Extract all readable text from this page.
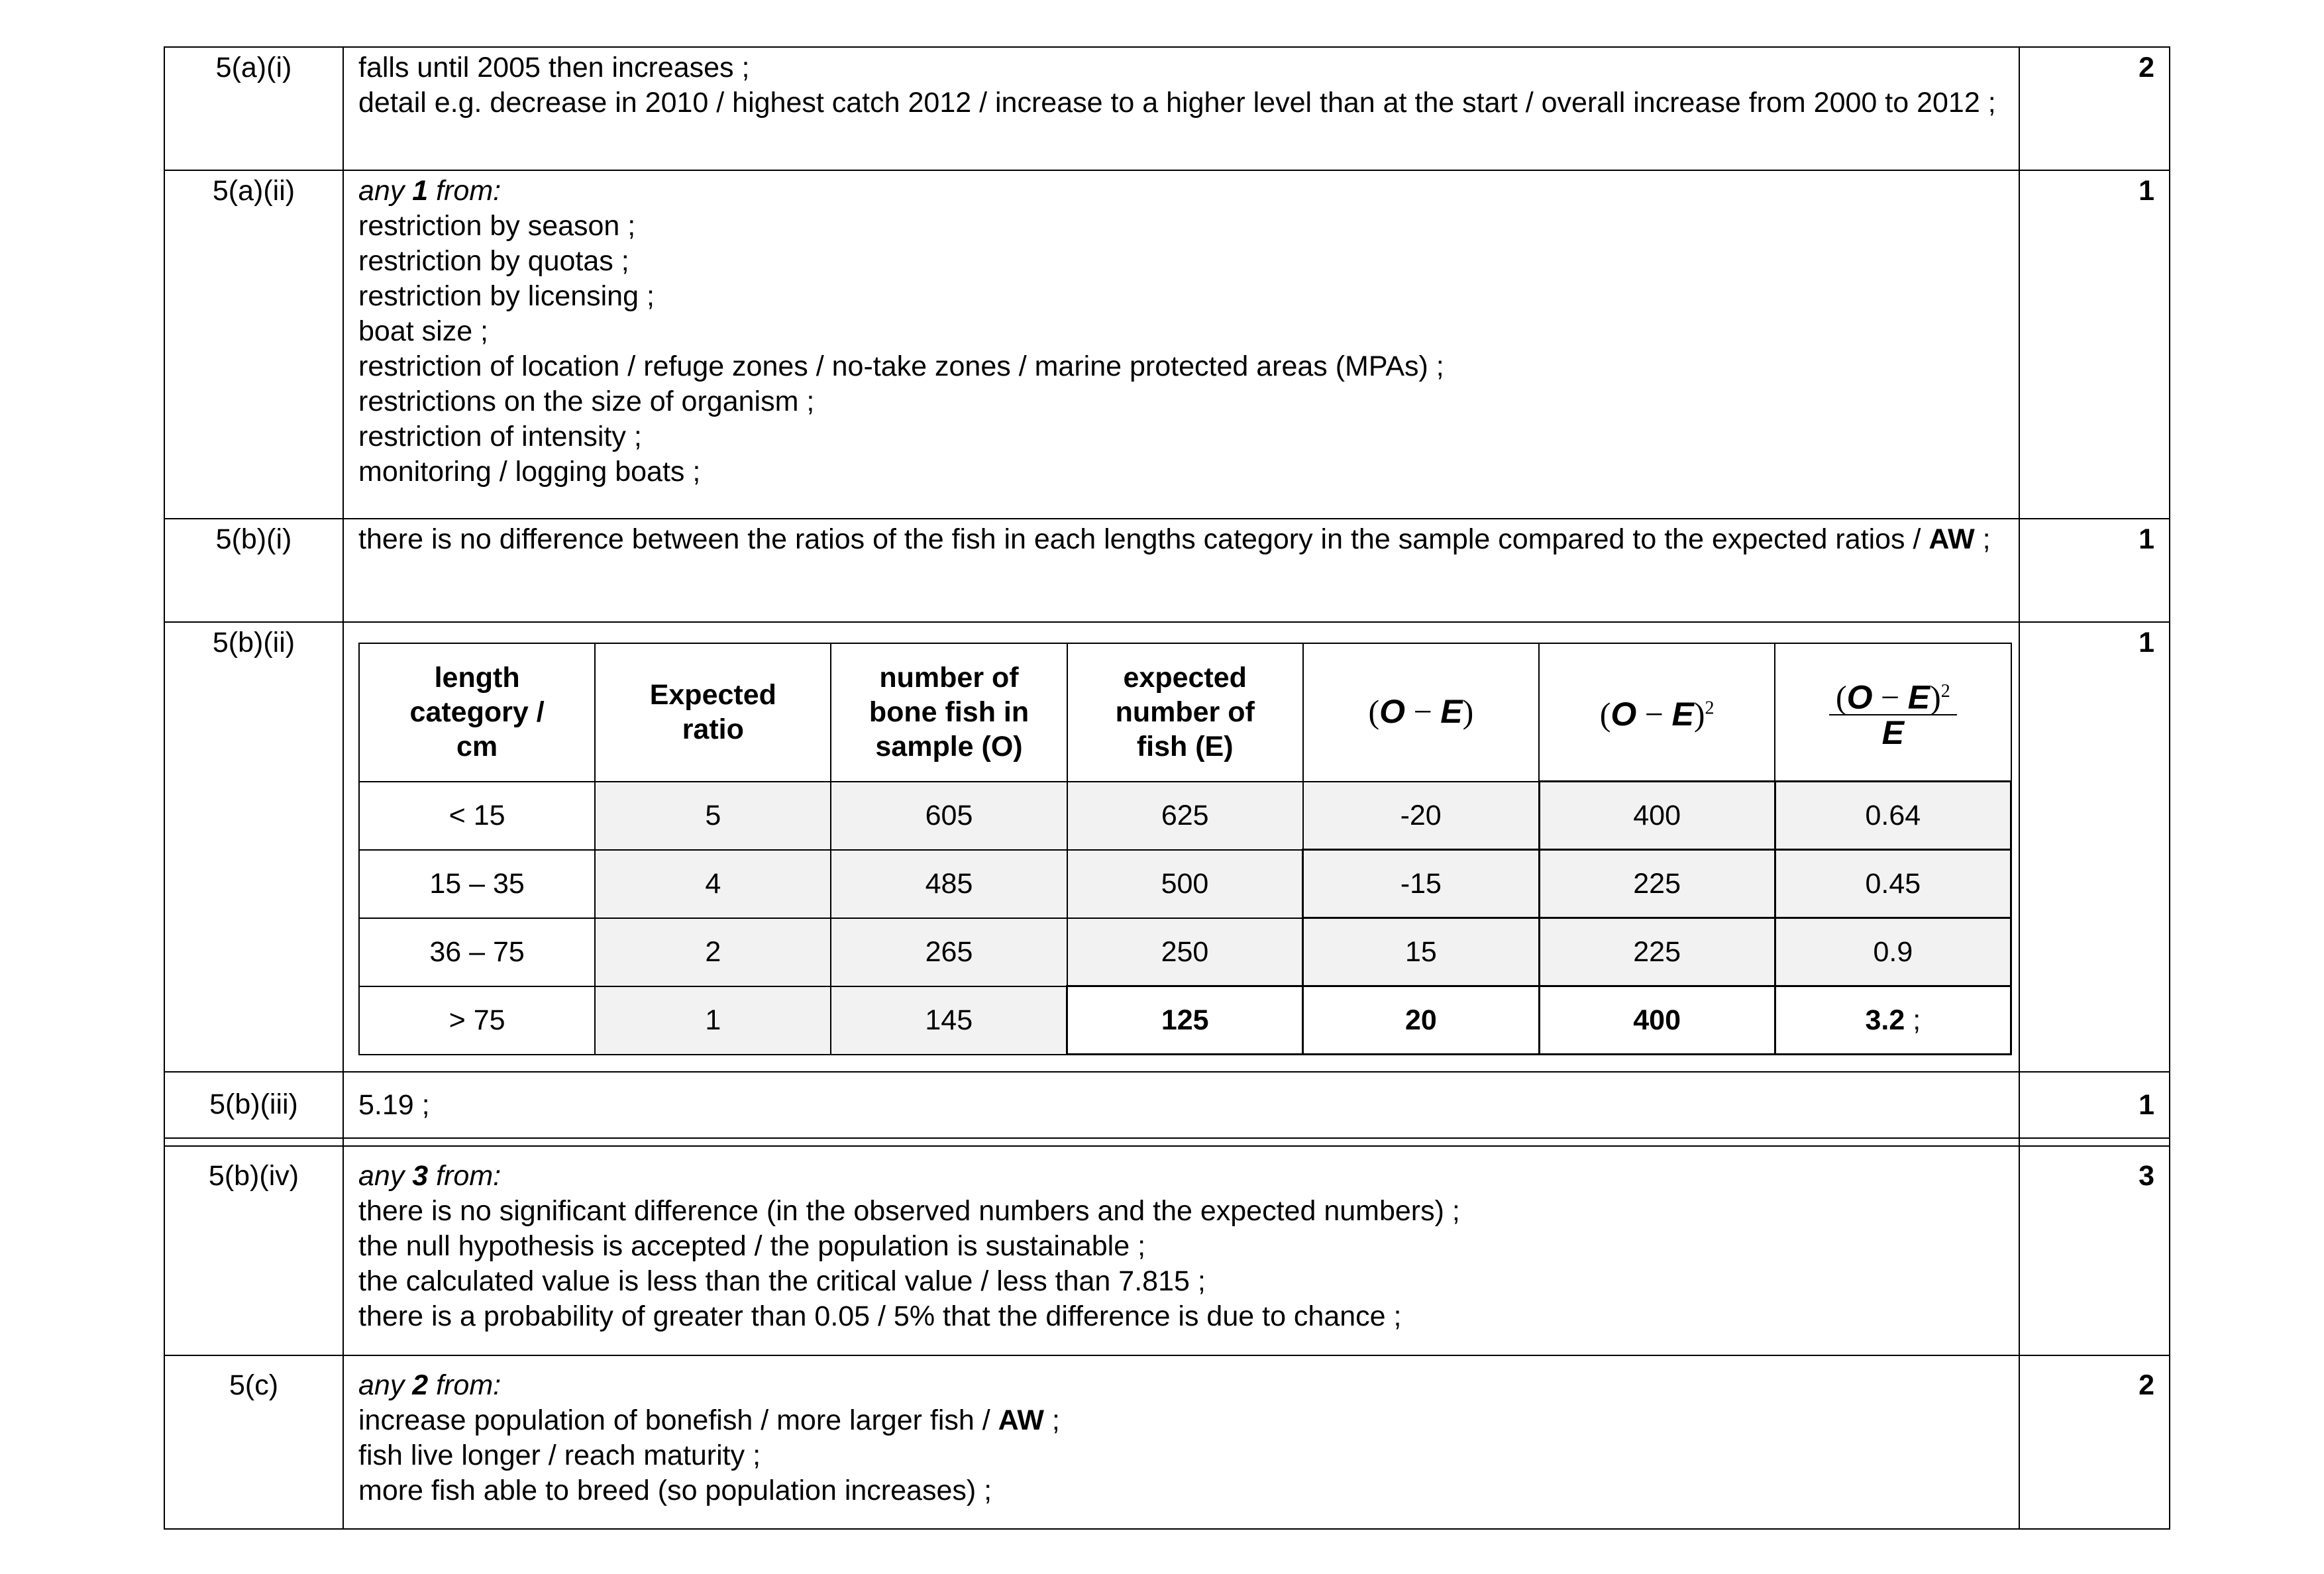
5(a)(i)	falls until 2005 then increases ;
detail e.g. decrease in 2010 / highest catch 2012 / increase to a higher level than at the start / overall increase from 2000 to 2012 ;
	2
5(a)(ii)	any 1 from:
restriction by season ;
restriction by quotas ;
restriction by licensing ;
boat size ;
restriction of location / refuge zones / no-take zones / marine protected areas (MPAs) ;
restrictions on the size of organism ;
restriction of intensity ;
monitoring / logging boats ;
	1
5(b)(i)	there is no difference between the ratios of the fish in each lengths category in the sample compared to the expected ratios / AW ;	1
5(b)(ii)	
length category / cm	Expected ratio	number of bone fish in sample (O)	expected number of fish (E)	(O − E)	$(O - E)^2$	$\frac{(O - E)^2}{E}$

< 15	5	605	625	-20	400	0.64
15 – 35	4	485	500	-15	225	0.45
36 – 75	2	265	250	15	225	0.9
> 75	1	145	125	20	400	3.2 ;
	1
5(b)(iii)	5.19 ;	1

5(b)(iv)	any 3 from:
there is no significant difference (in the observed numbers and the expected numbers) ;
the null hypothesis is accepted / the population is sustainable ;
the calculated value is less than the critical value / less than 7.815 ;
there is a probability of greater than 0.05 / 5% that the difference is due to chance ;
	3
5(c)	any 2 from:
increase population of bonefish / more larger fish / AW ;
fish live longer / reach maturity ;
more fish able to breed (so population increases) ;
	2
